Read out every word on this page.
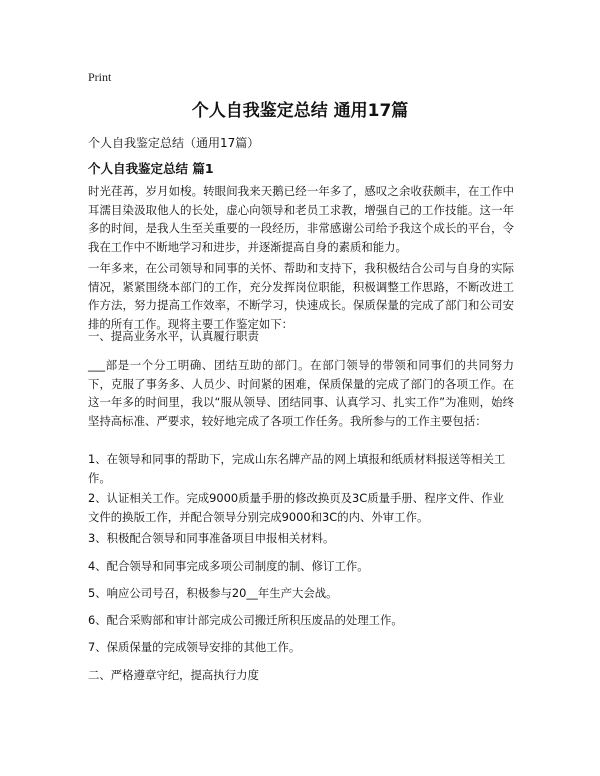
Print
个人自我鉴定总结 通用17篇

个人自我鉴定总结（通用17篇）

个人自我鉴定总结 篇1

时光荏苒，岁月如梭。转眼间我来天鹅已经一年多了，感叹之余收获颇丰，在工作中耳濡目染汲取他人的长处，虚心向领导和老员工求教，增强自己的工作技能。这一年多的时间，是我人生至关重要的一段经历，非常感谢公司给予我这个成长的平台，令我在工作中不断地学习和进步，并逐渐提高自身的素质和能力。

一年多来，在公司领导和同事的关怀、帮助和支持下，我积极结合公司与自身的实际情况，紧紧围绕本部门的工作，充分发挥岗位职能，积极调整工作思路，不断改进工作方法，努力提高工作效率，不断学习，快速成长。保质保量的完成了部门和公司安排的所有工作。现将主要工作鉴定如下：

一、提高业务水平，认真履行职责

___部是一个分工明确、团结互助的部门。在部门领导的带领和同事们的共同努力下，克服了事务多、人员少、时间紧的困难，保质保量的完成了部门的各项工作。在这一年多的时间里，我以“服从领导、团结同事、认真学习、扎实工作”为准则，始终坚持高标准、严要求，较好地完成了各项工作任务。我所参与的工作主要包括：

1、在领导和同事的帮助下，完成山东名牌产品的网上填报和纸质材料报送等相关工作。
2、认证相关工作。完成9000质量手册的修改换页及3C质量手册、程序文件、作业文件的换版工作，并配合领导分别完成9000和3C的内、外审工作。
3、积极配合领导和同事准备项目申报相关材料。
4、配合领导和同事完成多项公司制度的制、修订工作。
5、响应公司号召，积极参与20__年生产大会战。
6、配合采购部和审计部完成公司搬迁所积压废品的处理工作。
7、保质保量的完成领导安排的其他工作。
二、严格遵章守纪，提高执行力度
